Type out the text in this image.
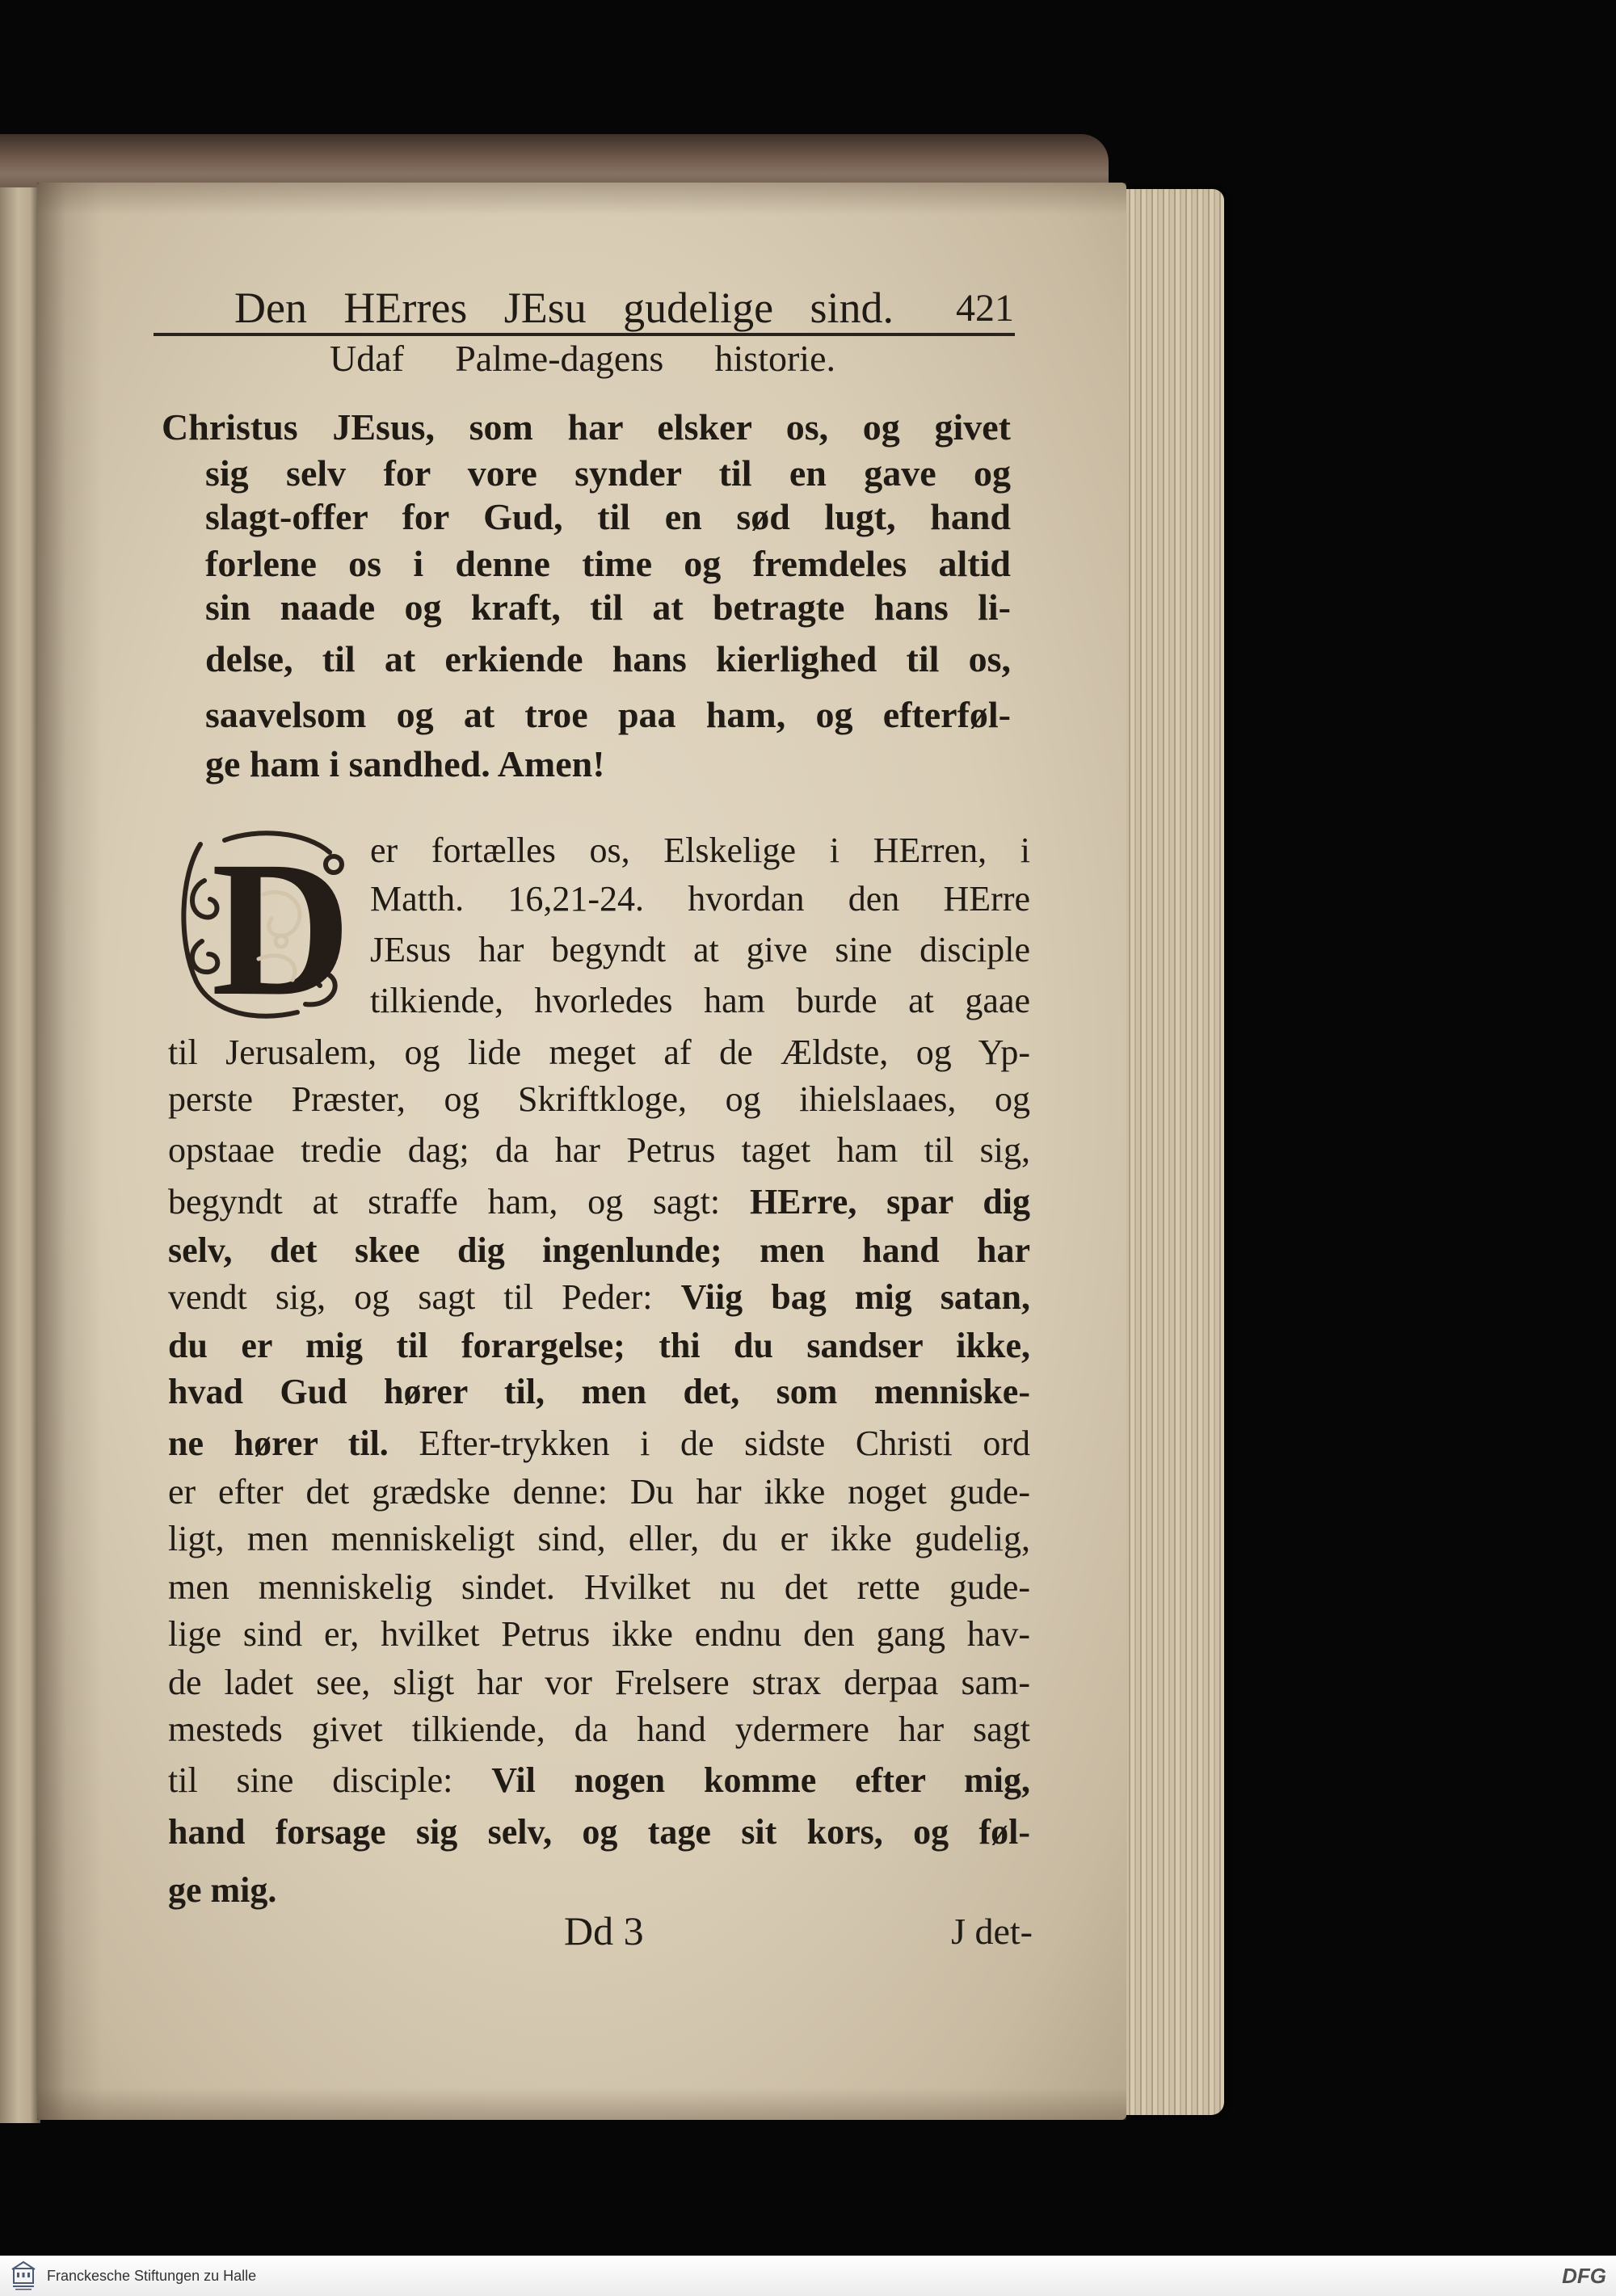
Den HErres JEsu gudelige sind.	421
Udaf Palme-dagens historie.
Christus JEsus, som har elsker os, og givet
sig selv for vore synder til en gave og
slagt-offer for Gud, til en sød lugt, hand
forlene os i denne time og fremdeles altid
sin naade og kraft, til at betragte hans li-
delse, til at erkiende hans kierlighed til os,
saavelsom og at troe paa ham, og efterføl-
ge ham i sandhed. Amen!
D er fortælles os, Elskelige i HErren, i
Matth. 16,21-24. hvordan den HErre
JEsus har begyndt at give sine disciple
tilkiende, hvorledes ham burde at gaae
til Jerusalem, og lide meget af de Ældste, og Yp-
perste Præster, og Skriftkloge, og ihielslaaes, og
opstaae tredie dag; da har Petrus taget ham til sig,
begyndt at straffe ham, og sagt: HErre, spar dig
selv, det skee dig ingenlunde; men hand har
vendt sig, og sagt til Peder: Viig bag mig satan,
du er mig til forargelse; thi du sandser ikke,
hvad Gud hører til, men det, som menniske-
ne hører til. Efter-trykken i de sidste Christi ord
er efter det grædske denne: Du har ikke noget gude-
ligt, men menniskeligt sind, eller, du er ikke gudelig,
men menniskelig sindet. Hvilket nu det rette gude-
lige sind er, hvilket Petrus ikke endnu den gang hav-
de ladet see, sligt har vor Frelsere strax derpaa sam-
mesteds givet tilkiende, da hand ydermere har sagt
til sine disciple: Vil nogen komme efter mig,
hand forsage sig selv, og tage sit kors, og føl-
ge mig.
Dd 3	J det-
Franckesche Stiftungen zu Halle	DFG
